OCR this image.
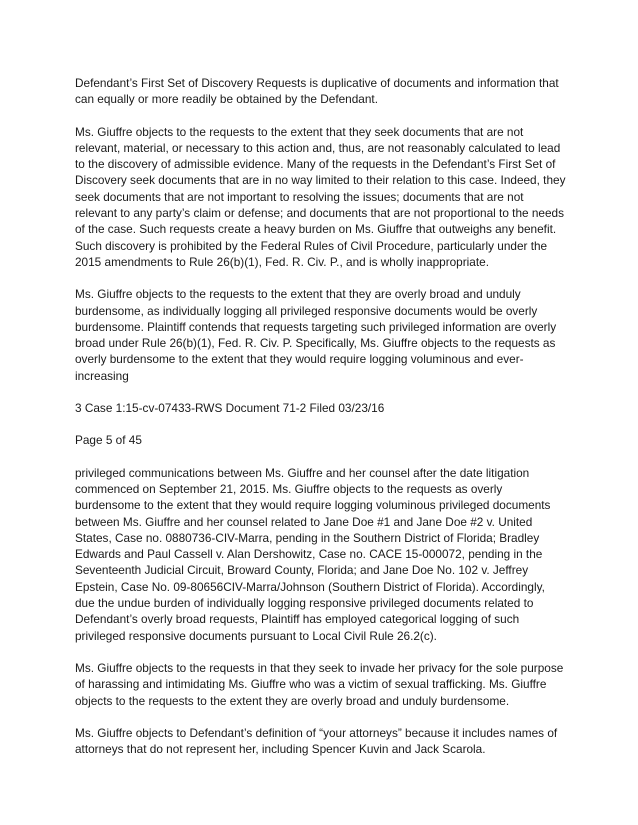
Defendant’s First Set of Discovery Requests is duplicative of documents and information that can equally or more readily be obtained by the Defendant.

Ms. Giuffre objects to the requests to the extent that they seek documents that are not relevant, material, or necessary to this action and, thus, are not reasonably calculated to lead to the discovery of admissible evidence. Many of the requests in the Defendant’s First Set of Discovery seek documents that are in no way limited to their relation to this case. Indeed, they seek documents that are not important to resolving the issues; documents that are not relevant to any party’s claim or defense; and documents that are not proportional to the needs of the case. Such requests create a heavy burden on Ms. Giuffre that outweighs any benefit. Such discovery is prohibited by the Federal Rules of Civil Procedure, particularly under the 2015 amendments to Rule 26(b)(1), Fed. R. Civ. P., and is wholly inappropriate.

Ms. Giuffre objects to the requests to the extent that they are overly broad and unduly burdensome, as individually logging all privileged responsive documents would be overly burdensome. Plaintiff contends that requests targeting such privileged information are overly broad under Rule 26(b)(1), Fed. R. Civ. P. Specifically, Ms. Giuffre objects to the requests as overly burdensome to the extent that they would require logging voluminous and ever-increasing

3 Case 1:15-cv-07433-RWS Document 71-2 Filed 03/23/16

Page 5 of 45

privileged communications between Ms. Giuffre and her counsel after the date litigation commenced on September 21, 2015. Ms. Giuffre objects to the requests as overly burdensome to the extent that they would require logging voluminous privileged documents between Ms. Giuffre and her counsel related to Jane Doe #1 and Jane Doe #2 v. United States, Case no. 0880736-CIV-Marra, pending in the Southern District of Florida; Bradley Edwards and Paul Cassell v. Alan Dershowitz, Case no. CACE 15-000072, pending in the Seventeenth Judicial Circuit, Broward County, Florida; and Jane Doe No. 102 v. Jeffrey Epstein, Case No. 09-80656CIV-Marra/Johnson (Southern District of Florida). Accordingly, due the undue burden of individually logging responsive privileged documents related to Defendant’s overly broad requests, Plaintiff has employed categorical logging of such privileged responsive documents pursuant to Local Civil Rule 26.2(c).

Ms. Giuffre objects to the requests in that they seek to invade her privacy for the sole purpose of harassing and intimidating Ms. Giuffre who was a victim of sexual trafficking. Ms. Giuffre objects to the requests to the extent they are overly broad and unduly burdensome.

Ms. Giuffre objects to Defendant’s definition of “your attorneys” because it includes names of attorneys that do not represent her, including Spencer Kuvin and Jack Scarola.
